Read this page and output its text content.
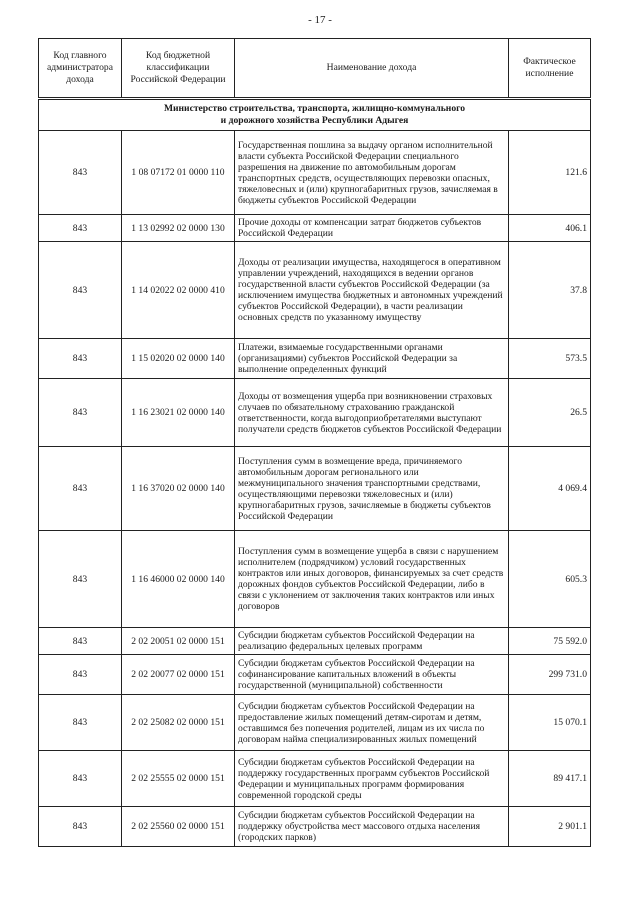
- 17 -
Код главного администратора дохода	Код бюджетной классификации Российской Федерации	Наименование дохода	Фактическое исполнение

Министерство строительства, транспорта, жилищно-коммунального
и дорожного хозяйства Республики Адыгея			

843	1 08 07172 01 0000 110	Государственная пошлина за выдачу органом исполнительной власти субъекта Российской Федерации специального разрешения на движение по автомобильным дорогам транспортных средств, осуществляющих перевозки опасных, тяжеловесных и (или) крупногабаритных грузов, зачисляемая в бюджеты субъектов Российской Федерации	121.6
843	1 13 02992 02 0000 130	Прочие доходы от компенсации затрат бюджетов субъектов Российской Федерации	406.1
843	1 14 02022 02 0000 410	Доходы от реализации имущества, находящегося в оперативном управлении учреждений, находящихся в ведении органов государственной власти субъектов Российской Федерации (за исключением имущества бюджетных и автономных учреждений субъектов Российской Федерации), в части реализации основных средств по указанному имуществу	37.8
843	1 15 02020 02 0000 140	Платежи, взимаемые государственными органами (организациями) субъектов Российской Федерации за выполнение определенных функций	573.5
843	1 16 23021 02 0000 140	Доходы от возмещения ущерба при возникновении страховых случаев по обязательному страхованию гражданской ответственности, когда выгодоприобретателями выступают получатели средств бюджетов субъектов Российской Федерации	26.5
843	1 16 37020 02 0000 140	Поступления сумм в возмещение вреда, причиняемого автомобильным дорогам регионального или межмуниципального значения транспортными средствами, осуществляющими перевозки тяжеловесных и (или) крупногабаритных грузов, зачисляемые в бюджеты субъектов Российской Федерации	4 069.4
843	1 16 46000 02 0000 140	Поступления сумм в возмещение ущерба в связи с нарушением исполнителем (подрядчиком) условий государственных контрактов или иных договоров, финансируемых за счет средств дорожных фондов субъектов Российской Федерации, либо в связи с уклонением от заключения таких контрактов или иных договоров	605.3
843	2 02 20051 02 0000 151	Субсидии бюджетам субъектов Российской Федерации на реализацию федеральных целевых программ	75 592.0
843	2 02 20077 02 0000 151	Субсидии бюджетам субъектов Российской Федерации на софинансирование капитальных вложений в объекты государственной (муниципальной) собственности	299 731.0
843	2 02 25082 02 0000 151	Субсидии бюджетам субъектов Российской Федерации на предоставление жилых помещений детям-сиротам и детям, оставшимся без попечения родителей, лицам из их числа по договорам найма специализированных жилых помещений	15 070.1
843	2 02 25555 02 0000 151	Субсидии бюджетам субъектов Российской Федерации на поддержку государственных программ субъектов Российской Федерации и муниципальных программ формирования современной городской среды	89 417.1
843	2 02 25560 02 0000 151	Субсидии бюджетам субъектов Российской Федерации на поддержку обустройства мест массового отдыха населения (городских парков)	2 901.1
